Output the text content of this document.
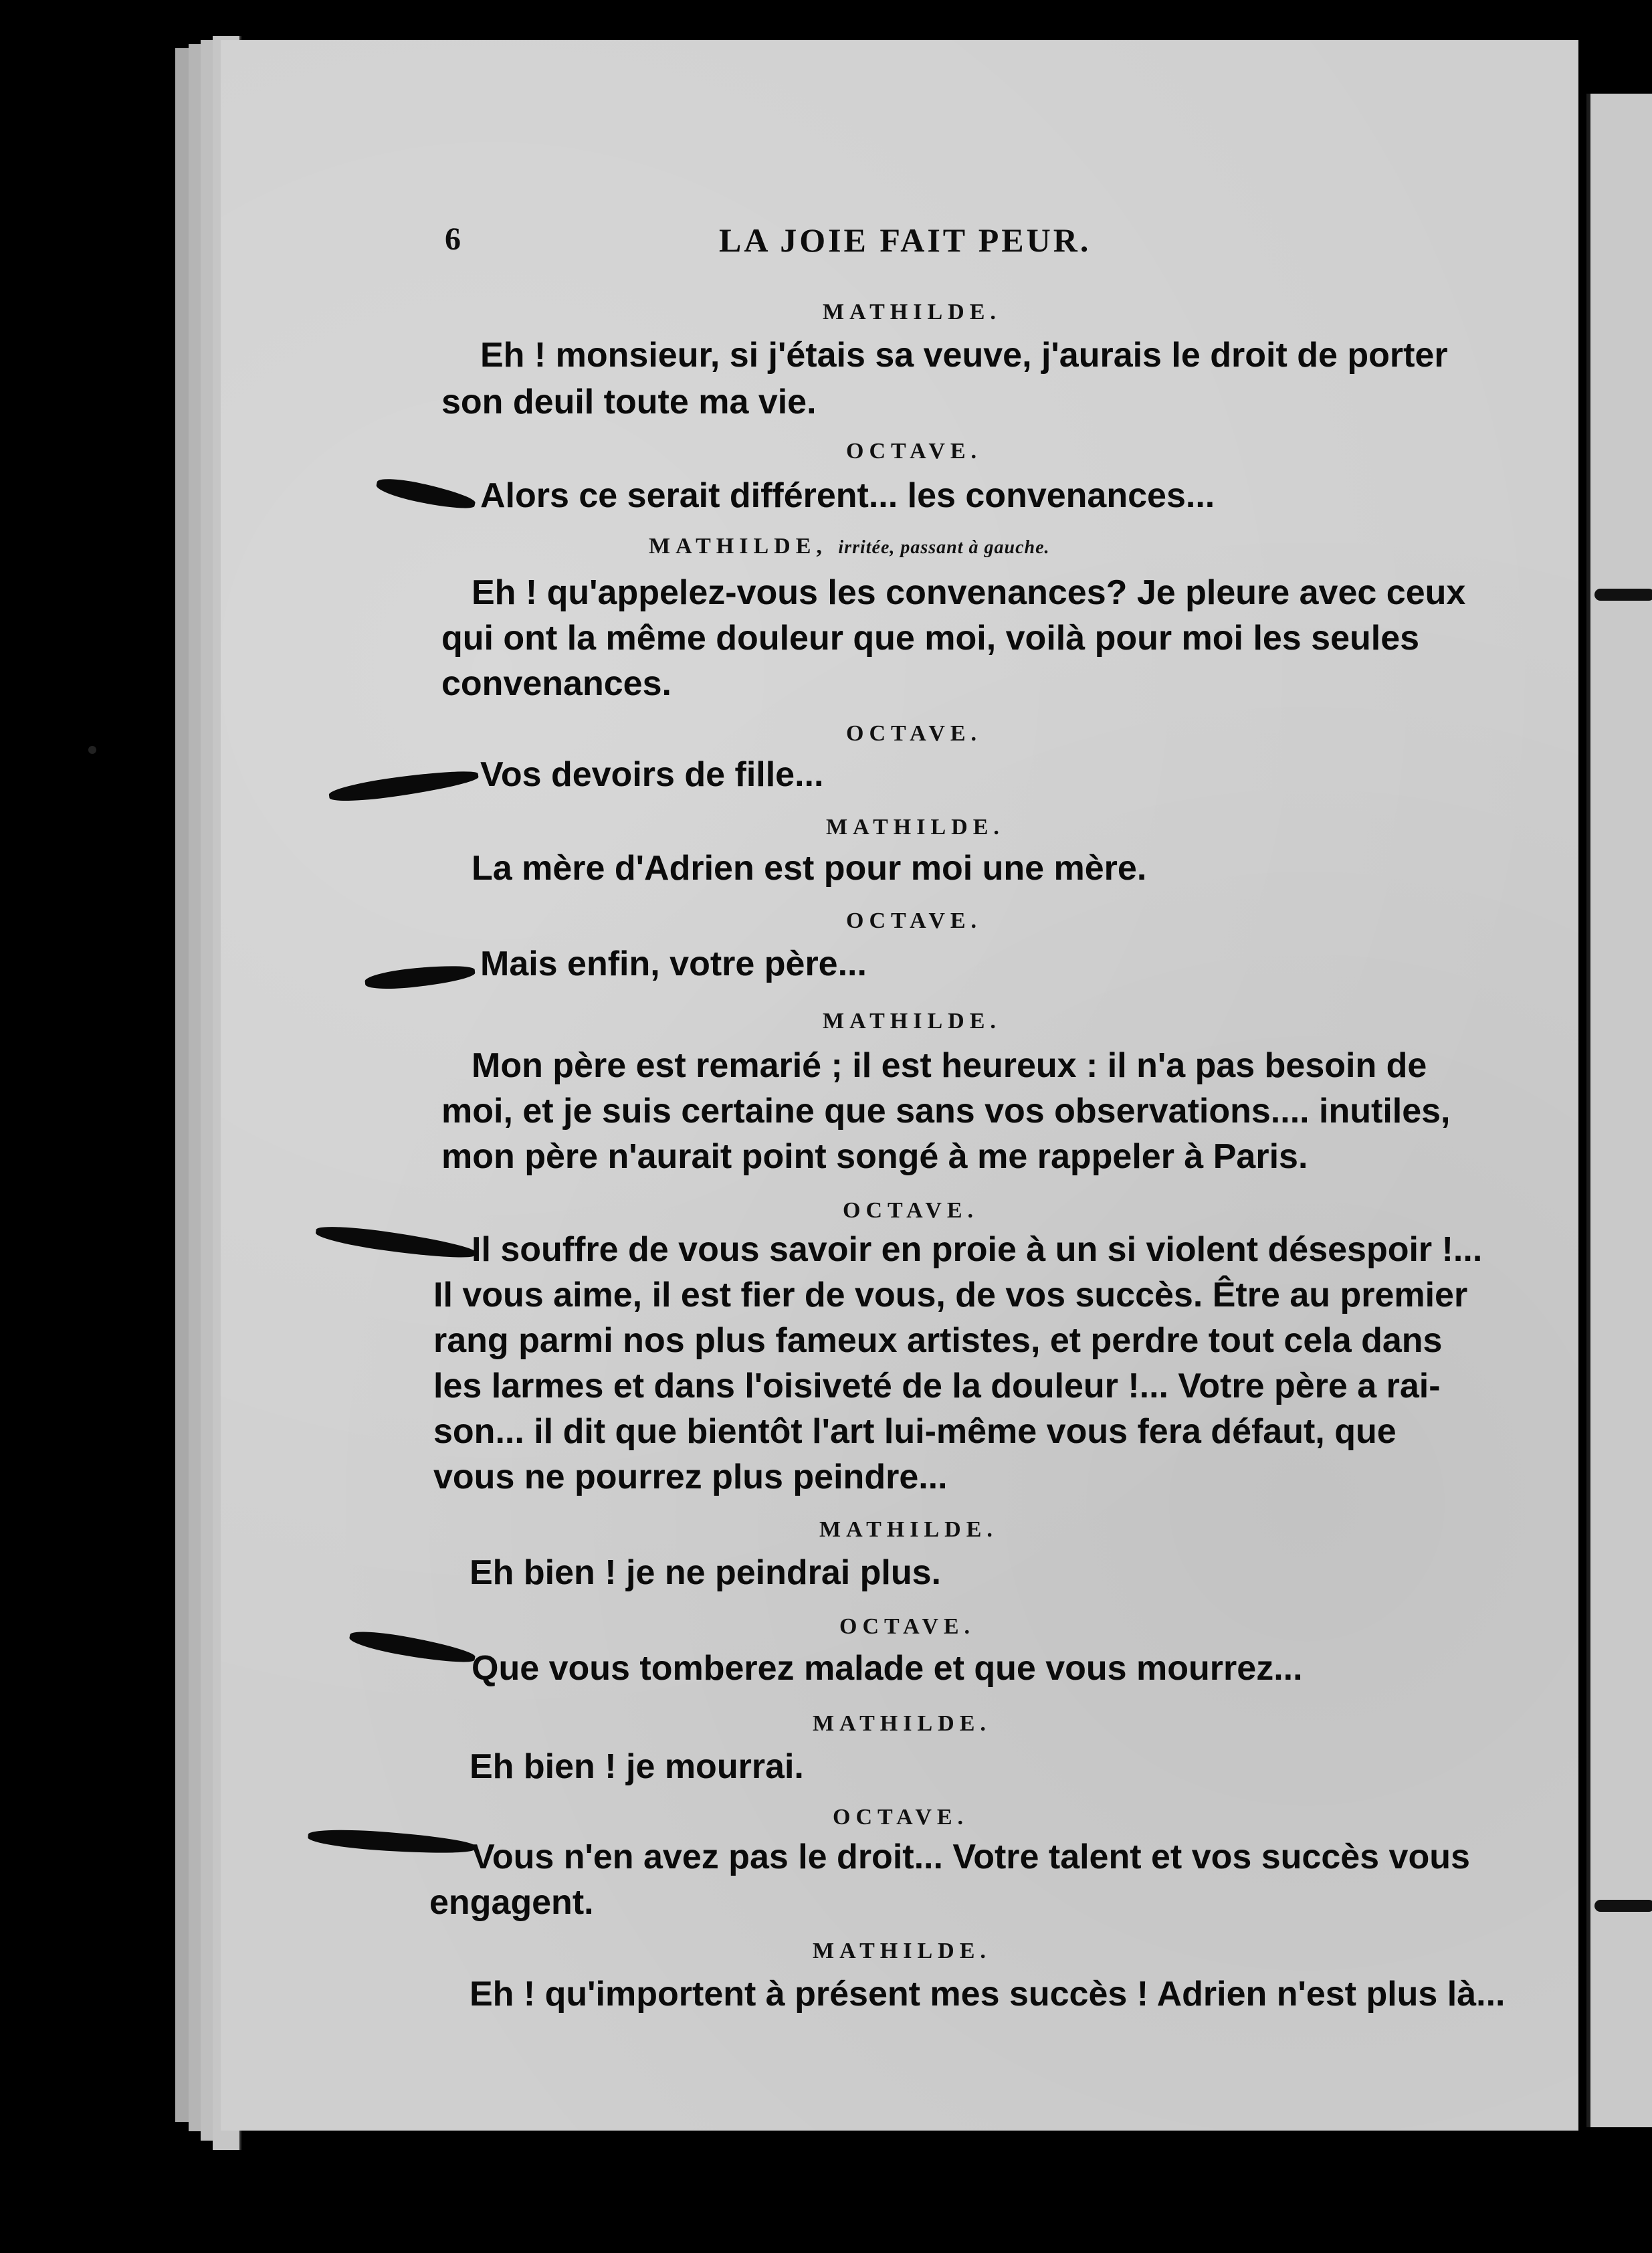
6	LA JOIE FAIT PEUR.
MATHILDE.
Eh ! monsieur, si j'étais sa veuve, j'aurais le droit de porter
son deuil toute ma vie.
OCTAVE.
Alors ce serait différent... les convenances...
MATHILDE, irritée, passant à gauche.
Eh ! qu'appelez-vous les convenances? Je pleure avec ceux
qui ont la même douleur que moi, voilà pour moi les seules
convenances.
OCTAVE.
Vos devoirs de fille...
MATHILDE.
La mère d'Adrien est pour moi une mère.
OCTAVE.
Mais enfin, votre père...
MATHILDE.
Mon père est remarié ; il est heureux : il n'a pas besoin de
moi, et je suis certaine que sans vos observations.... inutiles,
mon père n'aurait point songé à me rappeler à Paris.
OCTAVE.
Il souffre de vous savoir en proie à un si violent désespoir !...
Il vous aime, il est fier de vous, de vos succès. Être au premier
rang parmi nos plus fameux artistes, et perdre tout cela dans
les larmes et dans l'oisiveté de la douleur !... Votre père a rai-
son... il dit que bientôt l'art lui-même vous fera défaut, que
vous ne pourrez plus peindre...
MATHILDE.
Eh bien ! je ne peindrai plus.
OCTAVE.
Que vous tomberez malade et que vous mourrez...
MATHILDE.
Eh bien ! je mourrai.
OCTAVE.
Vous n'en avez pas le droit... Votre talent et vos succès vous
engagent.
MATHILDE.
Eh ! qu'importent à présent mes succès ! Adrien n'est plus là...
